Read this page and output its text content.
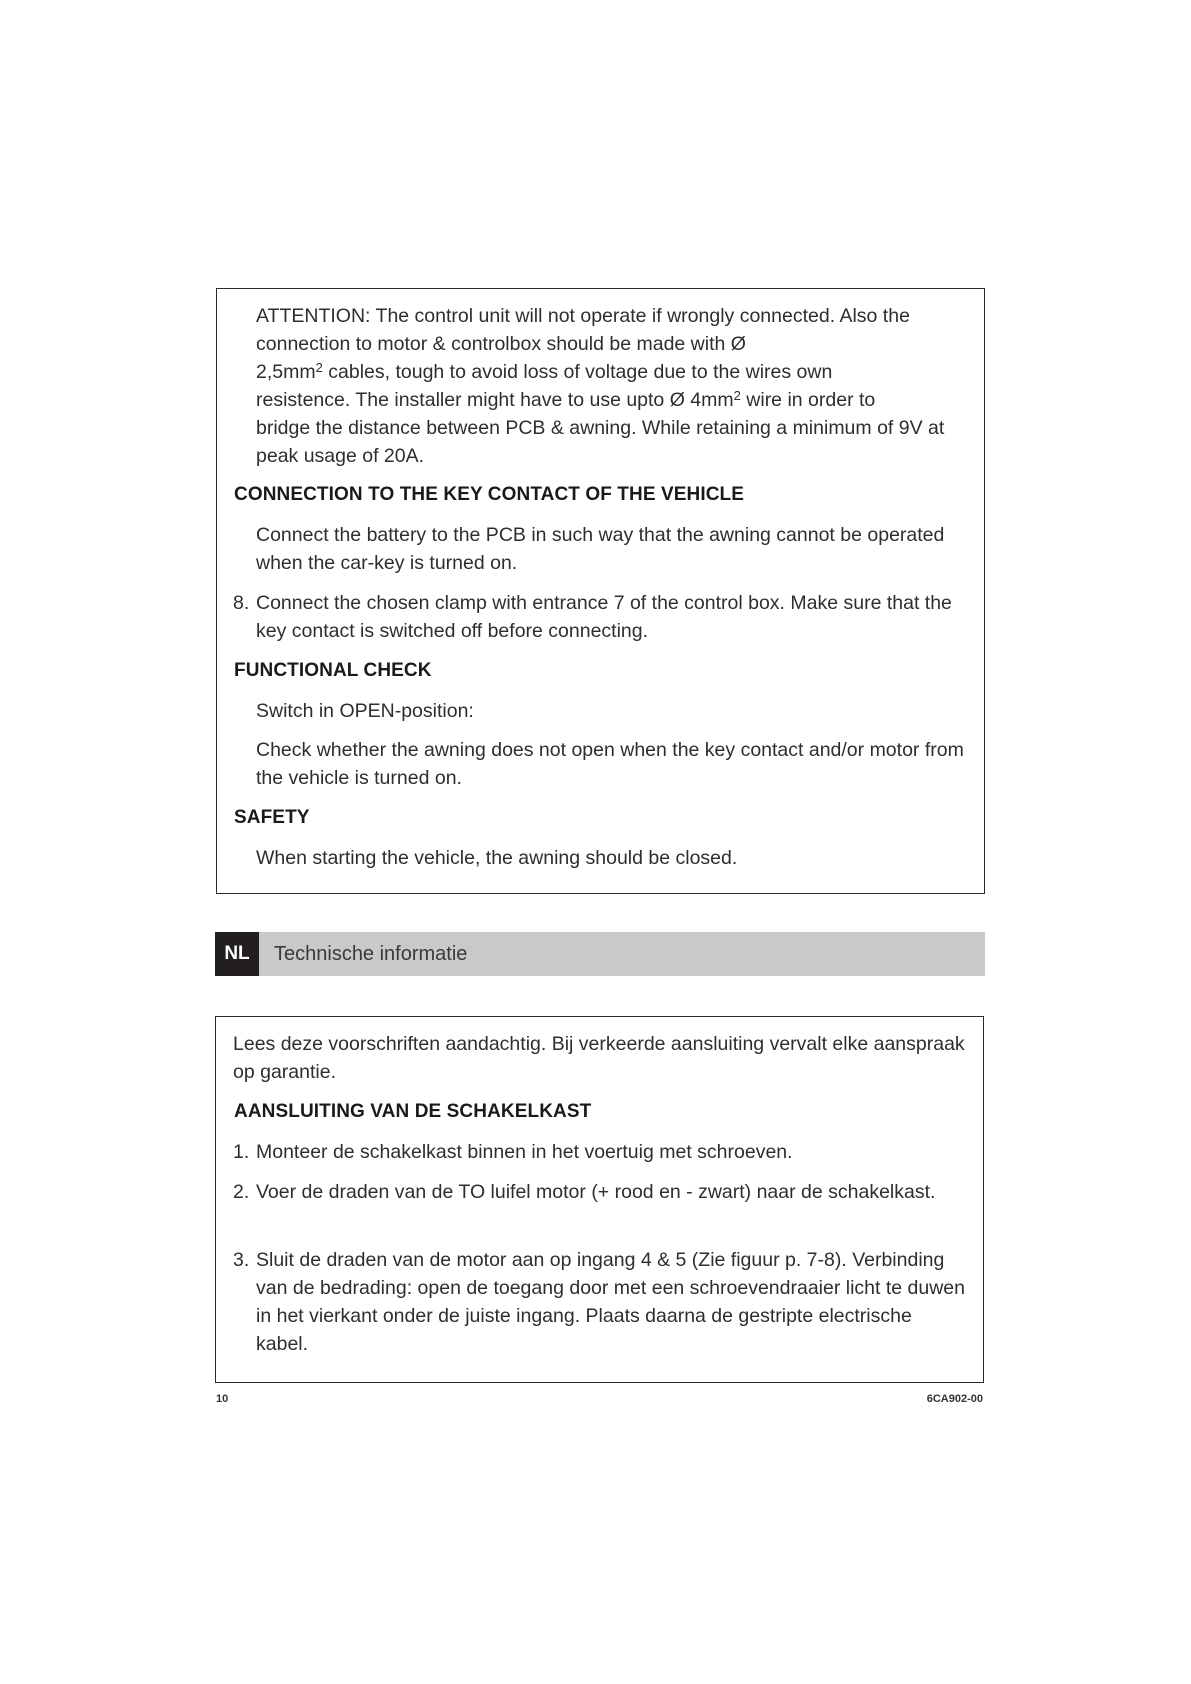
ATTENTION: The control unit will not operate if wrongly connected. Also the connection to motor & controlbox should be made with Ø
$2,5mm^2$ cables, tough to avoid loss of voltage due to the wires own
resistence. The installer might have to use upto Ø $4mm^2$ wire in order to
bridge the distance between PCB & awning. While retaining a minimum of 9V at peak usage of 20A.

CONNECTION TO THE KEY CONTACT OF THE VEHICLE

Connect the battery to the PCB in such way that the awning cannot be operated when the car-key is turned on.

8. Connect the chosen clamp with entrance 7 of the control box. Make sure that the key contact is switched off before connecting.

FUNCTIONAL CHECK

Switch in OPEN-position:

Check whether the awning does not open when the key contact and/or motor from the vehicle is turned on.

SAFETY

When starting the vehicle, the awning should be closed.

NL	Technische informatie

Lees deze voorschriften aandachtig. Bij verkeerde aansluiting vervalt elke aanspraak op garantie.

AANSLUITING VAN DE SCHAKELKAST
1. Monteer de schakelkast binnen in het voertuig met schroeven.

2. Voer de draden van de TO luifel motor (+ rood en - zwart) naar de schakelkast.

3. Sluit de draden van de motor aan op ingang 4 & 5 (Zie figuur p. 7-8). Verbinding van de bedrading: open de toegang door met een schroevendraaier licht te duwen in het vierkant onder de juiste ingang. Plaats daarna de gestripte electrische kabel.

10	6CA902-00
